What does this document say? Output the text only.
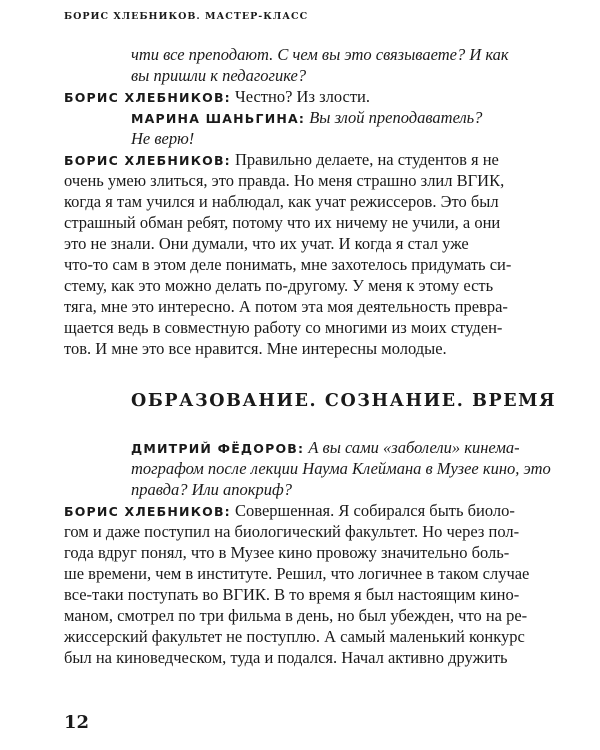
БОРИС ХЛЕБНИКОВ. МАСТЕР-КЛАСС
чти все преподают. С чем вы это связываете? И как
вы пришли к педагогике?
БОРИС ХЛЕБНИКОВ: Честно? Из злости.
МАРИНА ШАНЬГИНА: Вы злой преподаватель?
Не верю!
БОРИС ХЛЕБНИКОВ: Правильно делаете, на студентов я не
очень умею злиться, это правда. Но меня страшно злил ВГИК,
когда я там учился и наблюдал, как учат режиссеров. Это был
страшный обман ребят, потому что их ничему не учили, а они
это не знали. Они думали, что их учат. И когда я стал уже
что-то сам в этом деле понимать, мне захотелось придумать си-
стему, как это можно делать по-другому. У меня к этому есть
тяга, мне это интересно. А потом эта моя деятельность превра-
щается ведь в совместную работу со многими из моих студен-
тов. И мне это все нравится. Мне интересны молодые.
ОБРАЗОВАНИЕ. СОЗНАНИЕ. ВРЕМЯ
ДМИТРИЙ ФЁДОРОВ: А вы сами «заболели» кинема-
тографом после лекции Наума Клеймана в Музее кино, это
правда? Или апокриф?
БОРИС ХЛЕБНИКОВ: Совершенная. Я собирался быть биоло-
гом и даже поступил на биологический факультет. Но через пол-
года вдруг понял, что в Музее кино провожу значительно боль-
ше времени, чем в институте. Решил, что логичнее в таком случае
все-таки поступать во ВГИК. В то время я был настоящим кино-
маном, смотрел по три фильма в день, но был убежден, что на ре-
жиссерский факультет не поступлю. А самый маленький конкурс
был на киноведческом, туда и подался. Начал активно дружить
12
